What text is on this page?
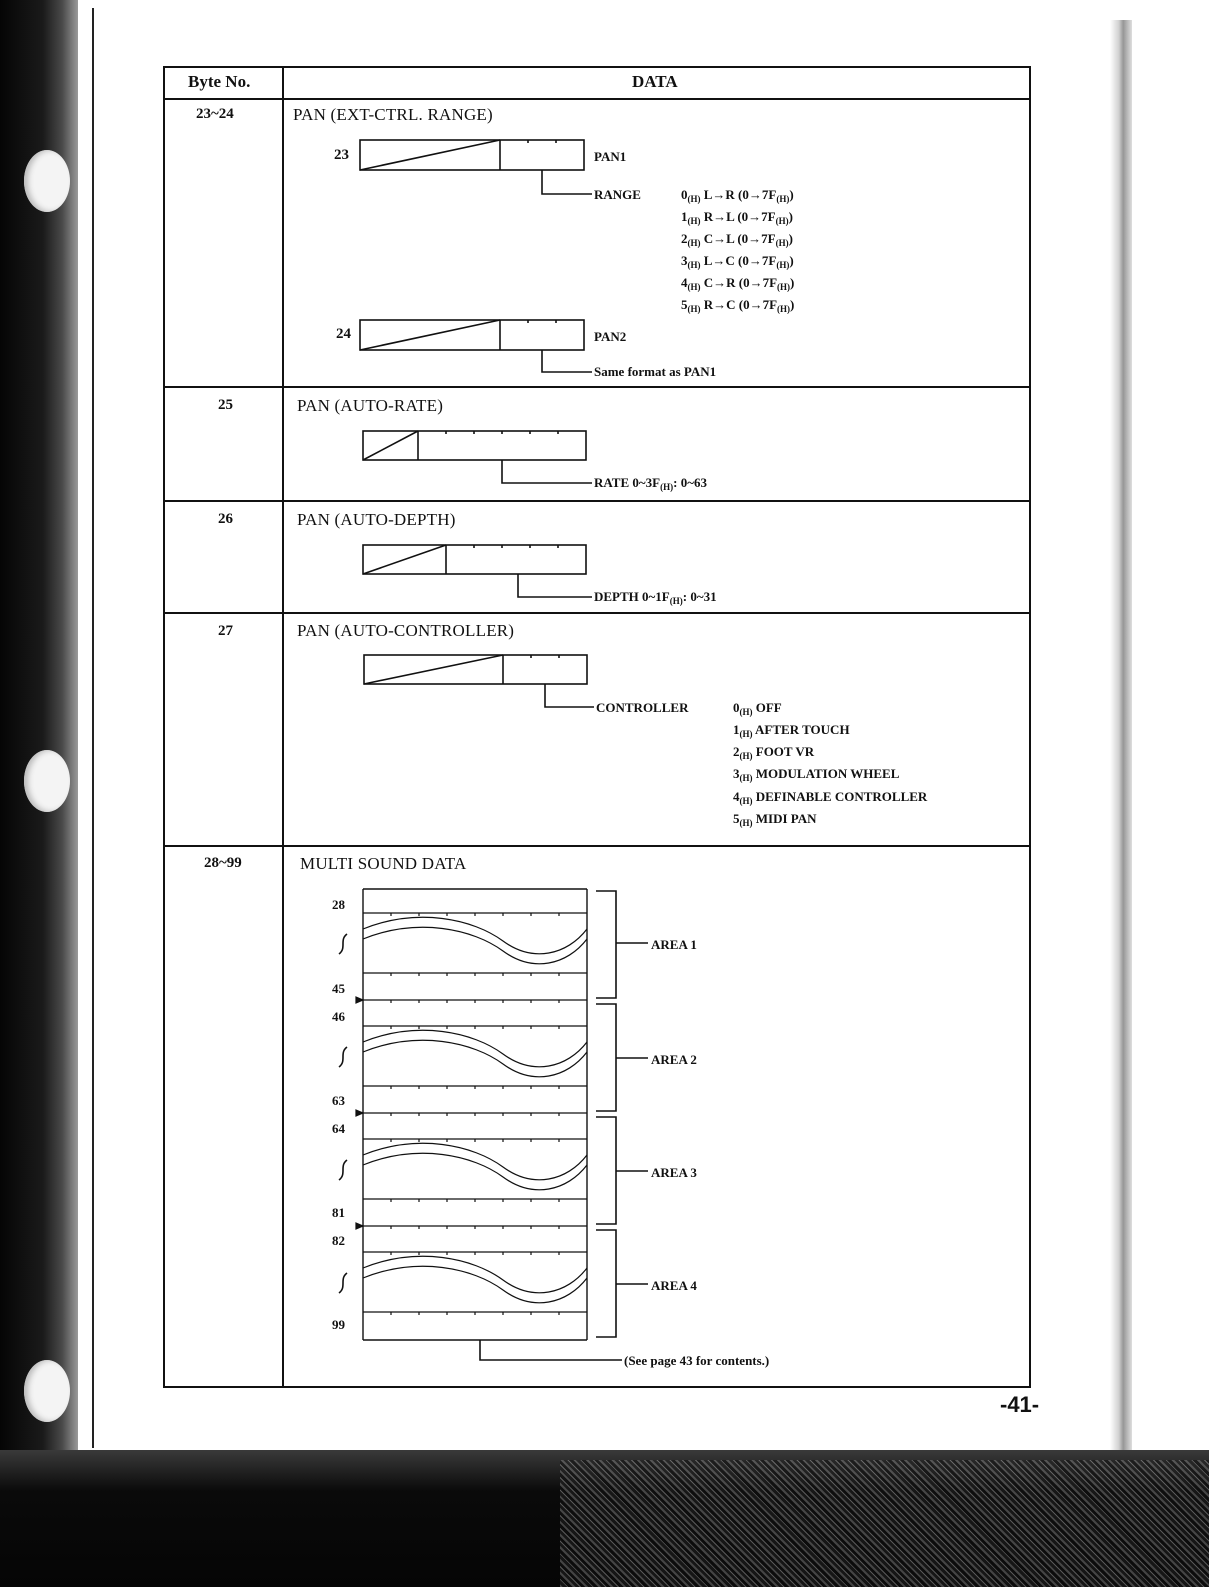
Byte No.	DATA
23~24	PAN (EXT-CTRL. RANGE)
23	PAN1
RANGE	$0_{(H)}$ L→R $(0\to 7F_{(H)})$
$1_{(H)}$ R→L $(0\to 7F_{(H)})$
$2_{(H)}$ C→L $(0\to 7F_{(H)})$
$3_{(H)}$ L→C $(0\to 7F_{(H)})$
$4_{(H)}$ C→R $(0\to 7F_{(H)})$
$5_{(H)}$ R→C $(0\to 7F_{(H)})$
24	PAN2
Same format as PAN1
25	PAN (AUTO-RATE)
RATE $0\sim 3F_{(H)}$: 0~63
26	PAN (AUTO-DEPTH)
DEPTH $0\sim 1F_{(H)}$: 0~31
27	PAN (AUTO-CONTROLLER)
CONTROLLER	$0_{(H)}$ OFF
$1_{(H)}$ AFTER TOUCH
$2_{(H)}$ FOOT VR
$3_{(H)}$ MODULATION WHEEL
$4_{(H)}$ DEFINABLE CONTROLLER
$5_{(H)}$ MIDI PAN
28~99	MULTI SOUND DATA
28
45
AREA 1
46
63
AREA 2
64
81
AREA 3
82
99
AREA 4
(See page 43 for contents.)
-41-
